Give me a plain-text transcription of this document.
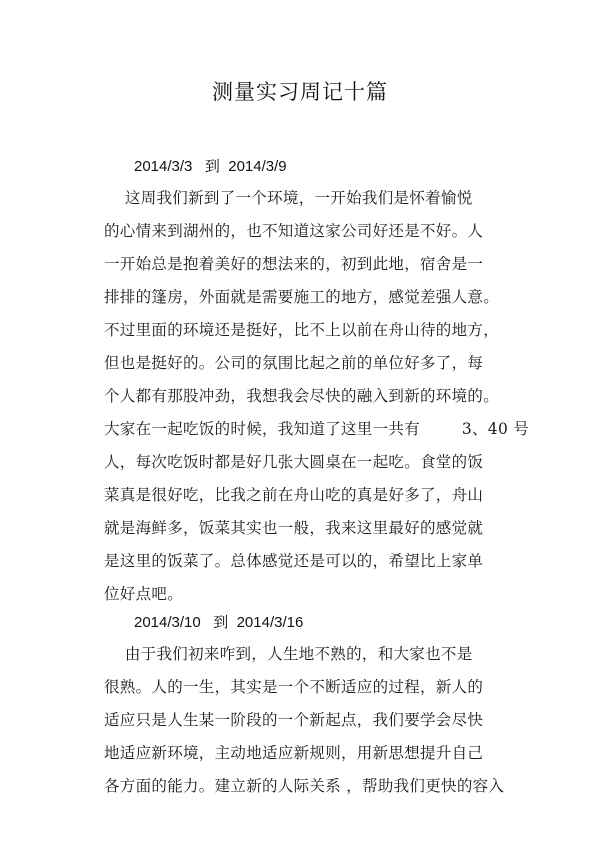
测量实习周记十篇
2014/3/3   到  2014/3/9
这周我们新到了一个环境，一开始我们是怀着愉悦
的心情来到湖州的，也不知道这家公司好还是不好。人
一开始总是抱着美好的想法来的，初到此地，宿舍是一
排排的篷房，外面就是需要施工的地方，感觉差强人意。
不过里面的环境还是挺好，比不上以前在舟山待的地方，
但也是挺好的。公司的氛围比起之前的单位好多了，每
个人都有那股冲劲，我想我会尽快的融入到新的环境的。
大家在一起吃饭的时候，我知道了这里一共有        3、40 号
人，每次吃饭时都是好几张大圆桌在一起吃。食堂的饭
菜真是很好吃，比我之前在舟山吃的真是好多了，舟山
就是海鲜多，饭菜其实也一般，我来这里最好的感觉就
是这里的饭菜了。总体感觉还是可以的，希望比上家单
位好点吧。
2014/3/10   到  2014/3/16
由于我们初来咋到，人生地不熟的，和大家也不是
很熟。人的一生，其实是一个不断适应的过程，新人的
适应只是人生某一阶段的一个新起点，我们要学会尽快
地适应新环境，主动地适应新规则，用新思想提升自己
各方面的能力。建立新的人际关系 ，帮助我们更快的容入
